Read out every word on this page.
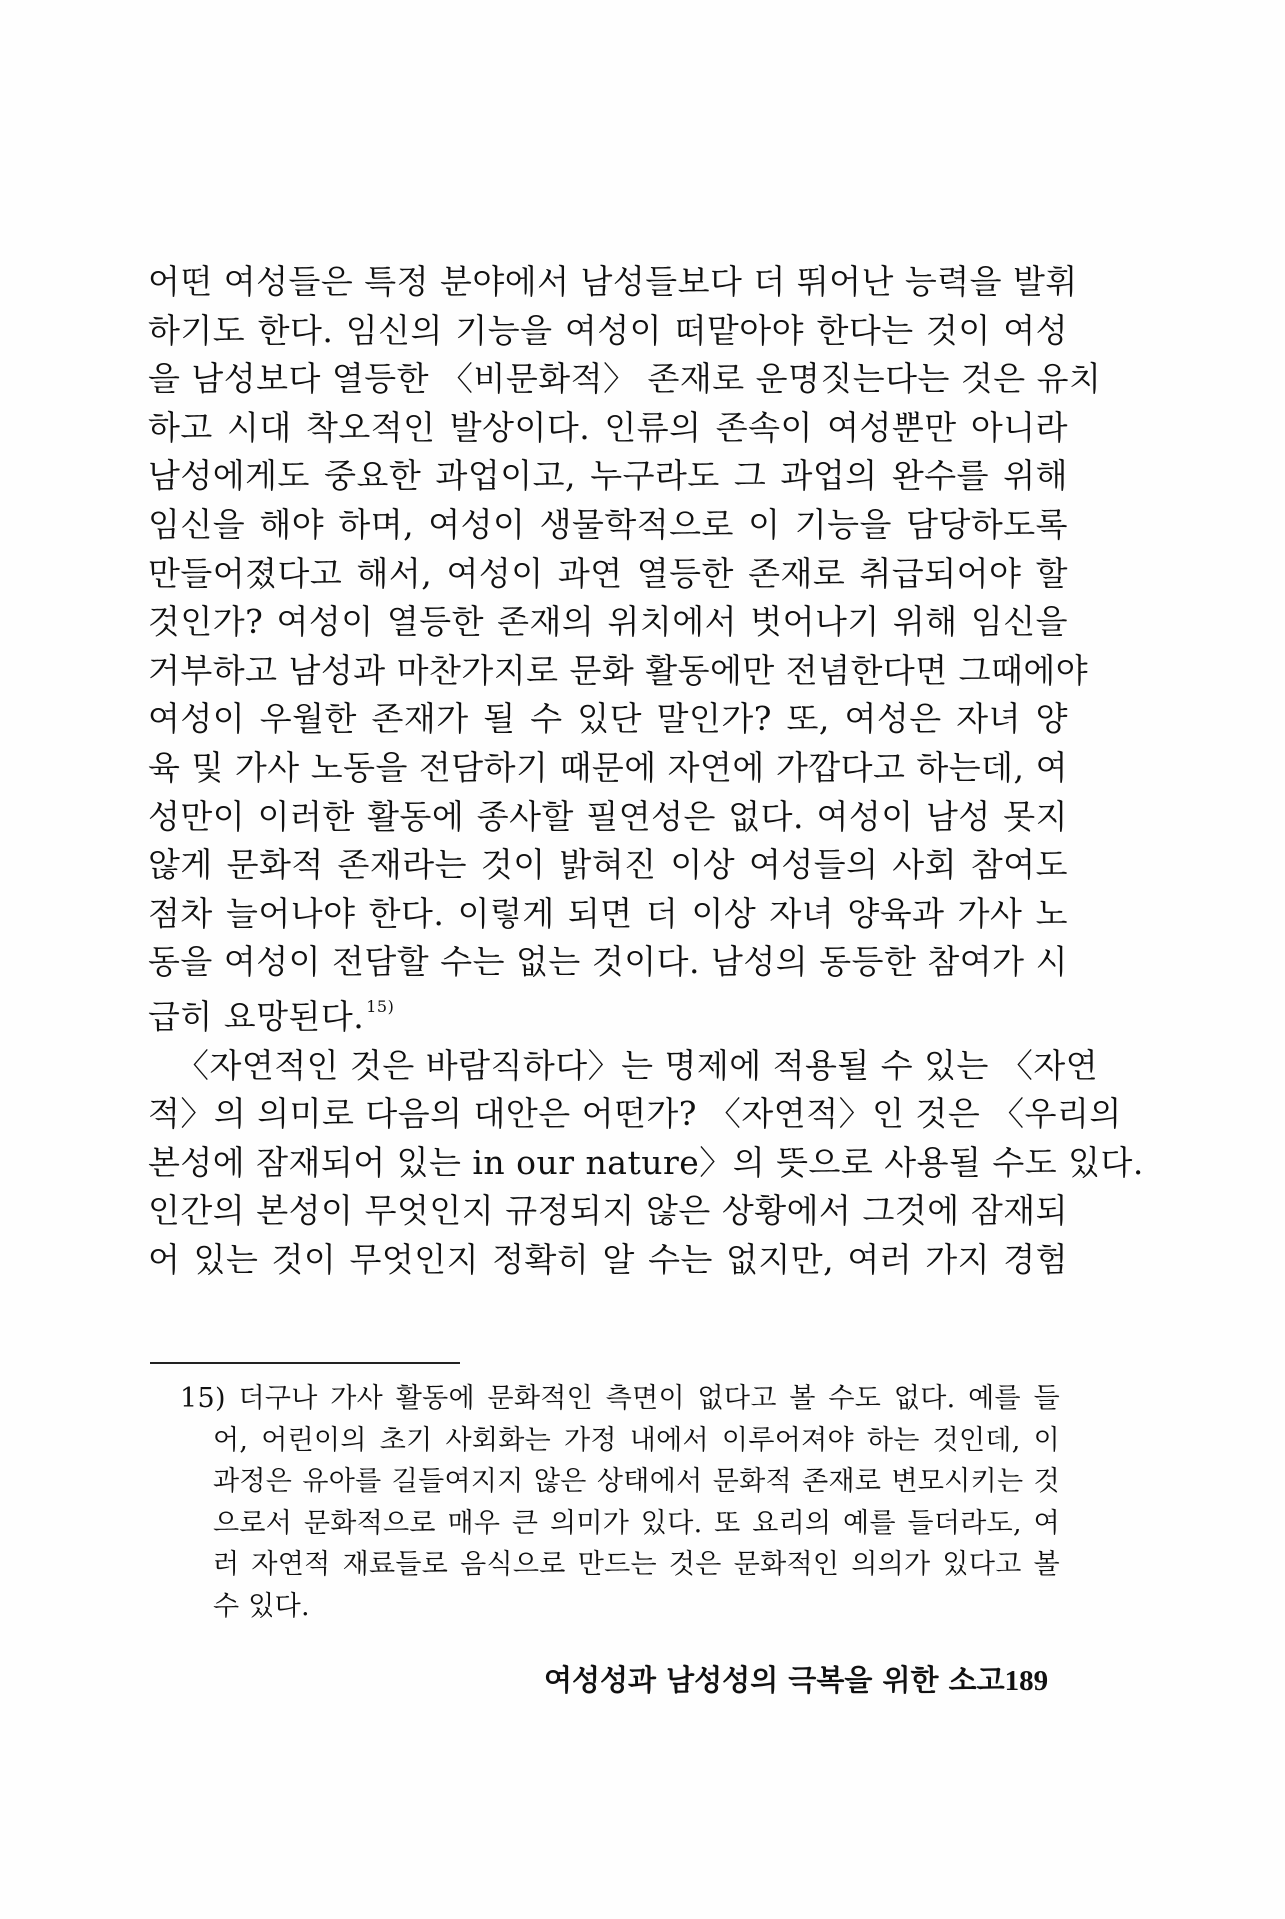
어떤 여성들은 특정 분야에서 남성들보다 더 뛰어난 능력을 발휘
하기도 한다. 임신의 기능을 여성이 떠맡아야 한다는 것이 여성
을 남성보다 열등한 〈비문화적〉 존재로 운명짓는다는 것은 유치
하고 시대 착오적인 발상이다. 인류의 존속이 여성뿐만 아니라
남성에게도 중요한 과업이고, 누구라도 그 과업의 완수를 위해
임신을 해야 하며, 여성이 생물학적으로 이 기능을 담당하도록
만들어졌다고 해서, 여성이 과연 열등한 존재로 취급되어야 할
것인가? 여성이 열등한 존재의 위치에서 벗어나기 위해 임신을
거부하고 남성과 마찬가지로 문화 활동에만 전념한다면 그때에야
여성이 우월한 존재가 될 수 있단 말인가? 또, 여성은 자녀 양
육 및 가사 노동을 전담하기 때문에 자연에 가깝다고 하는데, 여
성만이 이러한 활동에 종사할 필연성은 없다. 여성이 남성 못지
않게 문화적 존재라는 것이 밝혀진 이상 여성들의 사회 참여도
점차 늘어나야 한다. 이렇게 되면 더 이상 자녀 양육과 가사 노
동을 여성이 전담할 수는 없는 것이다. 남성의 동등한 참여가 시
급히 요망된다. $^{15)}$
〈자연적인 것은 바람직하다〉는 명제에 적용될 수 있는 〈자연
적〉의 의미로 다음의 대안은 어떤가? 〈자연적〉인 것은 〈우리의
본성에 잠재되어 있는 in our nature〉의 뜻으로 사용될 수도 있다.
인간의 본성이 무엇인지 규정되지 않은 상황에서 그것에 잠재되
어 있는 것이 무엇인지 정확히 알 수는 없지만, 여러 가지 경험
15) 더구나 가사 활동에 문화적인 측면이 없다고 볼 수도 없다. 예를 들
어, 어린이의 초기 사회화는 가정 내에서 이루어져야 하는 것인데, 이
과정은 유아를 길들여지지 않은 상태에서 문화적 존재로 변모시키는 것
으로서 문화적으로 매우 큰 의미가 있다. 또 요리의 예를 들더라도, 여
러 자연적 재료들로 음식으로 만드는 것은 문화적인 의의가 있다고 볼
수 있다.
여성성과 남성성의 극복을 위한 소고 189
